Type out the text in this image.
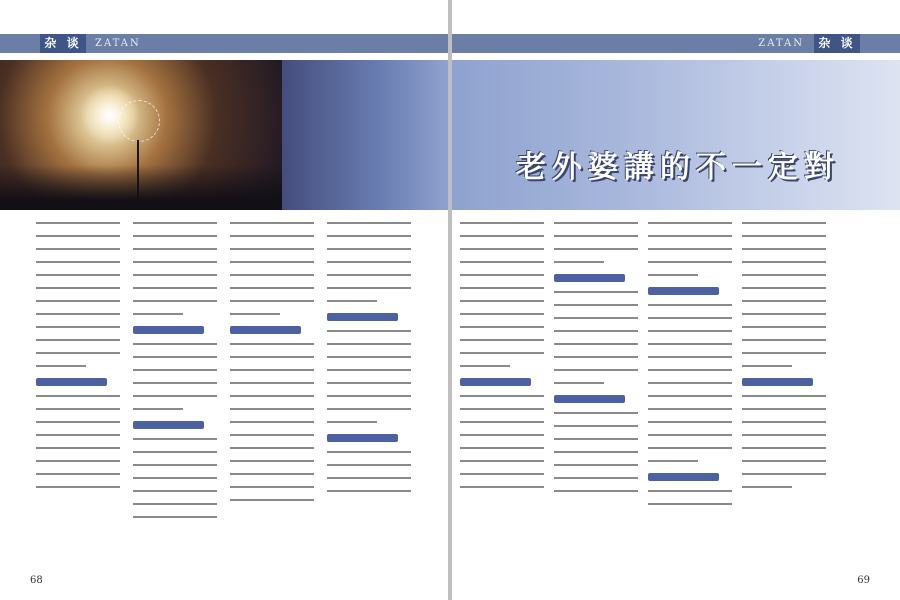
杂 谈	ZATAN
68
ZATAN	杂 谈
老外婆講的不一定對
69
